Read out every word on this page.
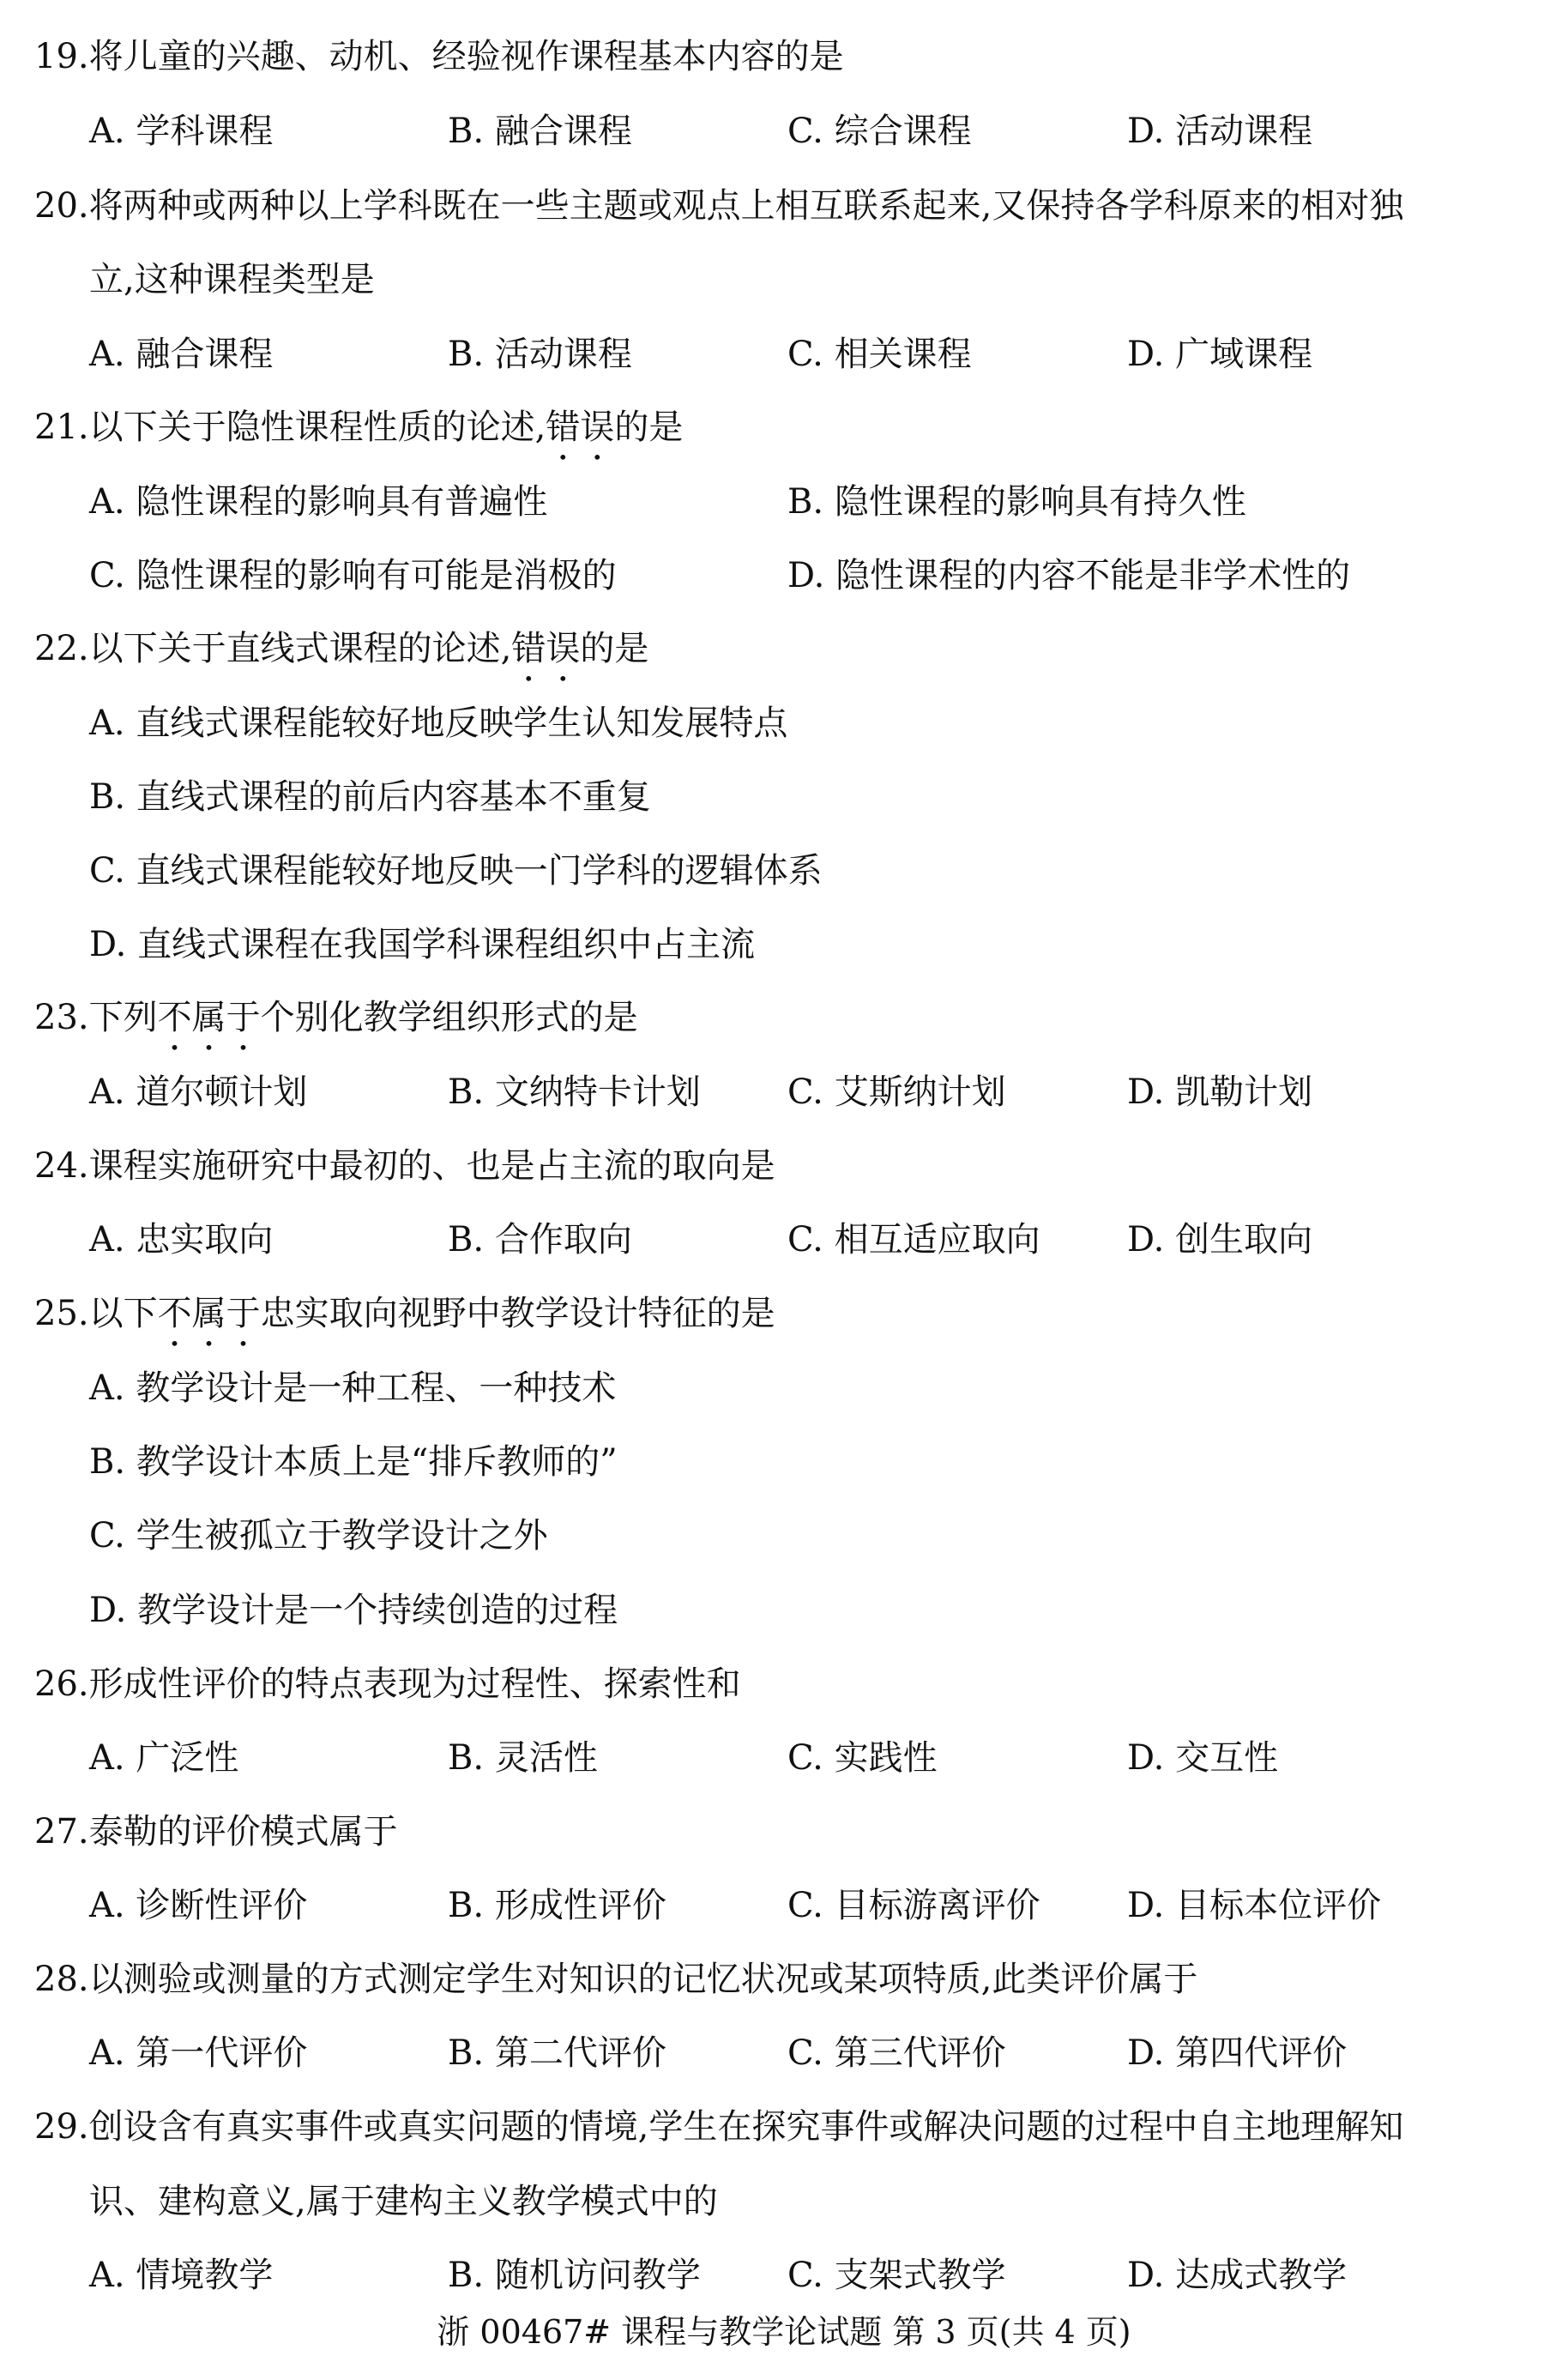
19.将儿童的兴趣、动机、经验视作课程基本内容的是
A. 学科课程	B. 融合课程	C. 综合课程	D. 活动课程
20.将两种或两种以上学科既在一些主题或观点上相互联系起来,又保持各学科原来的相对独
立,这种课程类型是
A. 融合课程	B. 活动课程	C. 相关课程	D. 广域课程
21.以下关于隐性课程性质的论述,错误的是
A. 隐性课程的影响具有普遍性	B. 隐性课程的影响具有持久性
C. 隐性课程的影响有可能是消极的	D. 隐性课程的内容不能是非学术性的
22.以下关于直线式课程的论述,错误的是
A. 直线式课程能较好地反映学生认知发展特点
B. 直线式课程的前后内容基本不重复
C. 直线式课程能较好地反映一门学科的逻辑体系
D. 直线式课程在我国学科课程组织中占主流
23.下列不属于个别化教学组织形式的是
A. 道尔顿计划	B. 文纳特卡计划	C. 艾斯纳计划	D. 凯勒计划
24.课程实施研究中最初的、也是占主流的取向是
A. 忠实取向	B. 合作取向	C. 相互适应取向	D. 创生取向
25.以下不属于忠实取向视野中教学设计特征的是
A. 教学设计是一种工程、一种技术
B. 教学设计本质上是“排斥教师的”
C. 学生被孤立于教学设计之外
D. 教学设计是一个持续创造的过程
26.形成性评价的特点表现为过程性、探索性和
A. 广泛性	B. 灵活性	C. 实践性	D. 交互性
27.泰勒的评价模式属于
A. 诊断性评价	B. 形成性评价	C. 目标游离评价	D. 目标本位评价
28.以测验或测量的方式测定学生对知识的记忆状况或某项特质,此类评价属于
A. 第一代评价	B. 第二代评价	C. 第三代评价	D. 第四代评价
29.创设含有真实事件或真实问题的情境,学生在探究事件或解决问题的过程中自主地理解知
识、建构意义,属于建构主义教学模式中的
A. 情境教学	B. 随机访问教学	C. 支架式教学	D. 达成式教学
浙 00467# 课程与教学论试题 第 3 页(共 4 页)
